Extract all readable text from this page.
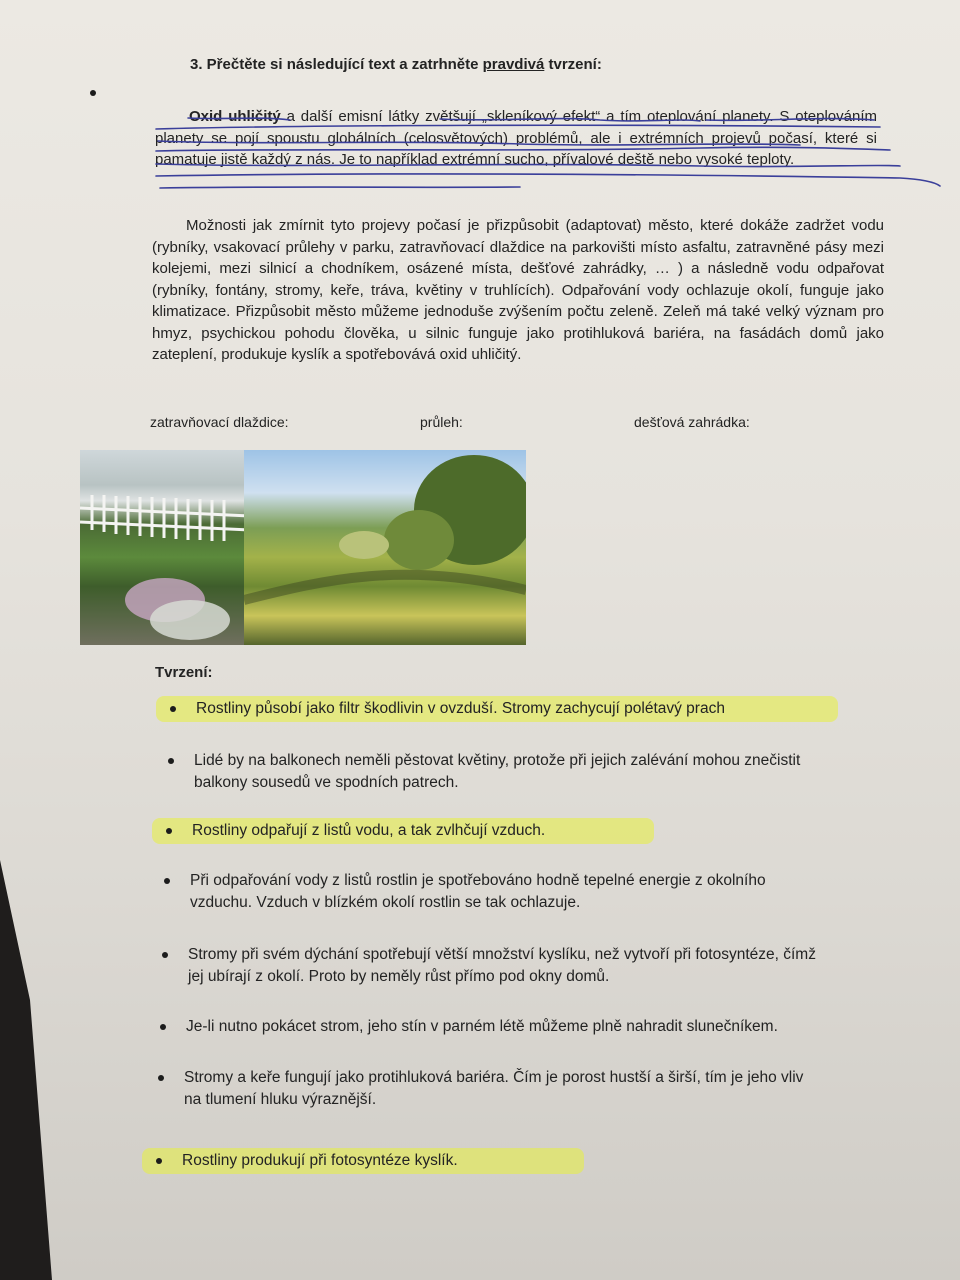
3. Přečtěte si následující text a zatrhněte pravdivá tvrzení:
Oxid uhličitý a další emisní látky zvětšují „skleníkový efekt“ a tím oteplování planety. S oteplováním planety se pojí spoustu globálních (celosvětových) problémů, ale i extrémních projevů počasí, které si pamatuje jistě každý z nás. Je to například extrémní sucho, přívalové deště nebo vysoké teploty.
Možnosti jak zmírnit tyto projevy počasí je přizpůsobit (adaptovat) město, které dokáže zadržet vodu (rybníky, vsakovací průlehy v parku, zatravňovací dlaždice na parkovišti místo asfaltu, zatravněné pásy mezi kolejemi, mezi silnicí a chodníkem, osázené místa, dešťové zahrádky, … ) a následně vodu odpařovat (rybníky, fontány, stromy, keře, tráva, květiny v truhlících). Odpařování vody ochlazuje okolí, funguje jako klimatizace. Přizpůsobit město můžeme jednoduše zvýšením počtu zeleně. Zeleň má také velký význam pro hmyz, psychickou pohodu člověka, u silnic funguje jako protihluková bariéra, na fasádách domů jako zateplení, produkuje kyslík a spotřebovává oxid uhličitý.
zatravňovací dlaždice:	průleh:	dešťová zahrádka:
Tvrzení:
Rostliny působí jako filtr škodlivin v ovzduší. Stromy zachycují polétavý prach
Lidé by na balkonech neměli pěstovat květiny, protože při jejich zalévání mohou znečistit
balkony sousedů ve spodních patrech.
Rostliny odpařují z listů vodu, a tak zvlhčují vzduch.
Při odpařování vody z listů rostlin je spotřebováno hodně tepelné energie z okolního
vzduchu. Vzduch v blízkém okolí rostlin se tak ochlazuje.
Stromy při svém dýchání spotřebují větší množství kyslíku, než vytvoří při fotosyntéze, čímž
jej ubírají z okolí. Proto by neměly růst přímo pod okny domů.
Je-li nutno pokácet strom, jeho stín v parném létě můžeme plně nahradit slunečníkem.
Stromy a keře fungují jako protihluková bariéra. Čím je porost hustší a širší, tím je jeho vliv
na tlumení hluku výraznější.
Rostliny produkují při fotosyntéze kyslík.
